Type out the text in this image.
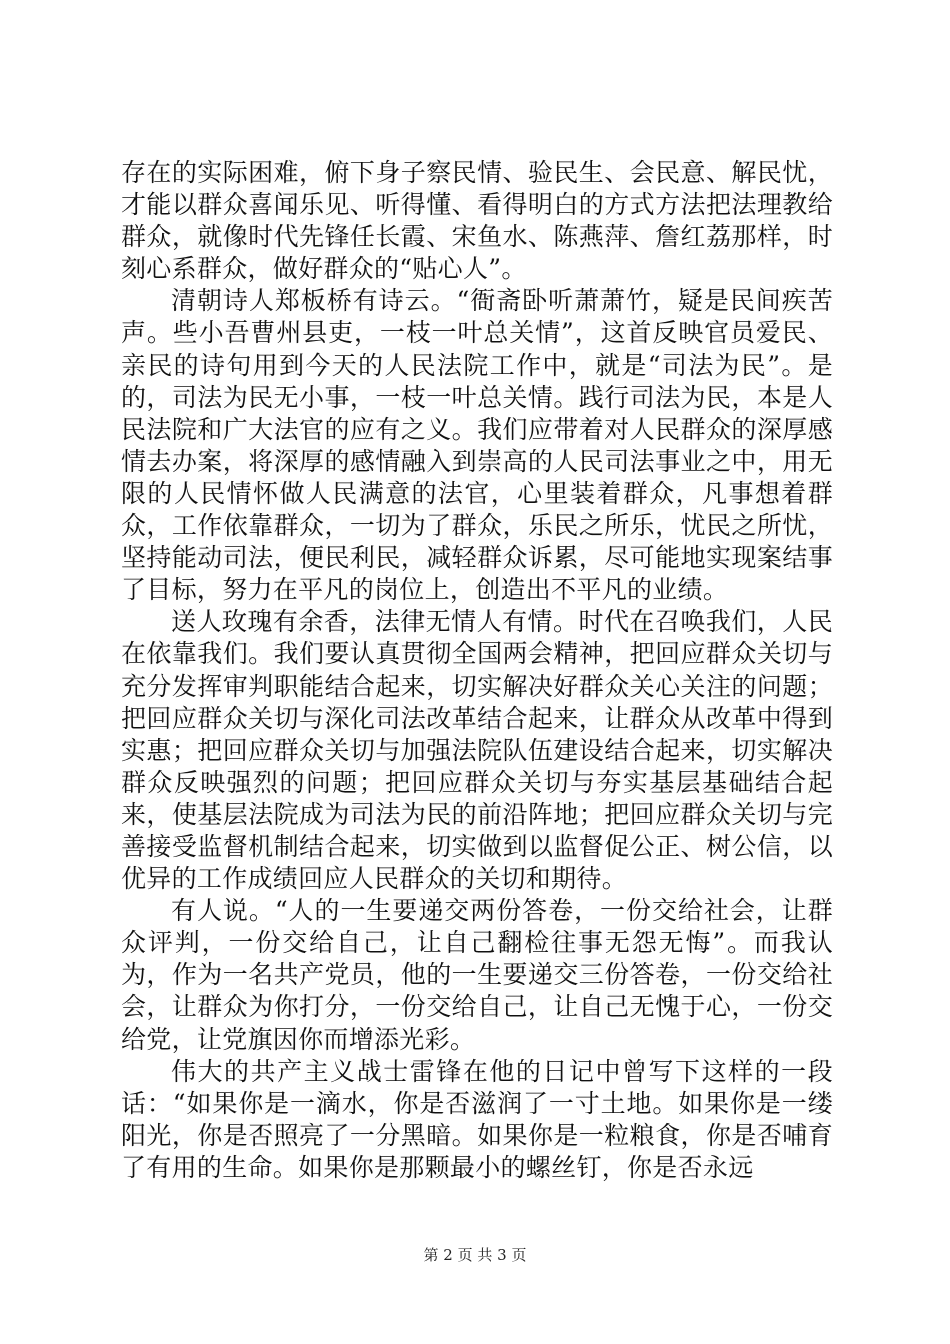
存在的实际困难，俯下身子察民情、验民生、会民意、解民忧，才能以群众喜闻乐见、听得懂、看得明白的方式方法把法理教给群众，就像时代先锋任长霞、宋鱼水、陈燕萍、詹红荔那样，时刻心系群众，做好群众的“贴心人”。

清朝诗人郑板桥有诗云。“衙斋卧听萧萧竹，疑是民间疾苦声。些小吾曹州县吏，一枝一叶总关情”，这首反映官员爱民、亲民的诗句用到今天的人民法院工作中，就是“司法为民”。是的，司法为民无小事，一枝一叶总关情。践行司法为民，本是人民法院和广大法官的应有之义。我们应带着对人民群众的深厚感情去办案，将深厚的感情融入到崇高的人民司法事业之中，用无限的人民情怀做人民满意的法官，心里装着群众，凡事想着群众，工作依靠群众，一切为了群众，乐民之所乐，忧民之所忧，坚持能动司法，便民利民，减轻群众诉累，尽可能地实现案结事了目标，努力在平凡的岗位上，创造出不平凡的业绩。

送人玫瑰有余香，法律无情人有情。时代在召唤我们，人民在依靠我们。我们要认真贯彻全国两会精神，把回应群众关切与充分发挥审判职能结合起来，切实解决好群众关心关注的问题；把回应群众关切与深化司法改革结合起来，让群众从改革中得到实惠；把回应群众关切与加强法院队伍建设结合起来，切实解决群众反映强烈的问题；把回应群众关切与夯实基层基础结合起来，使基层法院成为司法为民的前沿阵地；把回应群众关切与完善接受监督机制结合起来，切实做到以监督促公正、树公信，以优异的工作成绩回应人民群众的关切和期待。

有人说。“人的一生要递交两份答卷，一份交给社会，让群众评判，一份交给自己，让自己翻检往事无怨无悔”。而我认为，作为一名共产党员，他的一生要递交三份答卷，一份交给社会，让群众为你打分，一份交给自己，让自己无愧于心，一份交给党，让党旗因你而增添光彩。

伟大的共产主义战士雷锋在他的日记中曾写下这样的一段话：“如果你是一滴水，你是否滋润了一寸土地。如果你是一缕阳光，你是否照亮了一分黑暗。如果你是一粒粮食，你是否哺育了有用的生命。如果你是那颗最小的螺丝钉，你是否永远

第 2 页 共 3 页
